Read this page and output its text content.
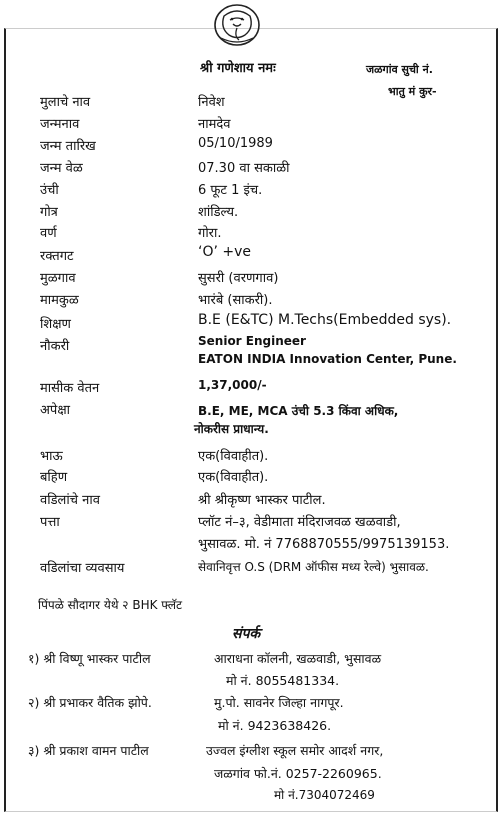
श्री गणेशाय नमः	जळगांव सुची नं.
भातु मं कुर-
मुलाचे नाव	निवेश
जन्मनाव	नामदेव
जन्म तारिख	05/10/1989
जन्म वेळ	07.30 वा सकाळी
उंची	6 फूट 1 इंच.
गोत्र	शांडिल्य.
वर्ण	गोरा.
रक्तगट	‘O’ +ve
मुळगाव	सुसरी (वरणगाव)
मामकुळ	भारंबे (साकरी).
शिक्षण	B.E (E&TC) M.Techs(Embedded sys).
नौकरी	Senior Engineer
EATON INDIA Innovation Center, Pune.
मासीक वेतन	1,37,000/-
अपेक्षा	B.E, ME, MCA उंची 5.3 किंवा अधिक,
नोकरीस प्राधान्य.
भाऊ	एक(विवाहीत).
बहिण	एक(विवाहीत).
वडिलांचे नाव	श्री श्रीकृष्ण भास्कर पाटील.
पत्ता	प्लॉट नं–३, वेडीमाता मंदिराजवळ खळवाडी,
भुसावळ. मो. नं 7768870555/9975139153.
वडिलांचा व्यवसाय	सेवानिवृत्त O.S (DRM ऑफीस मध्य रेल्वे) भुसावळ.
पिंपळे सौदागर येथे २ BHK फ्लॅट
संपर्क
१) श्री विष्णू भास्कर पाटील	आराधना कॉलनी, खळवाडी, भुसावळ
मो नं. 8055481334.
२) श्री प्रभाकर वैतिक झोपे.	मु.पो. सावनेर जिल्हा नागपूर.
मो नं. 9423638426.
३) श्री प्रकाश वामन पाटील	उज्वल इंग्लीश स्कूल समोर आदर्श नगर,
जळगांव फो.नं. 0257-2260965.
मो नं.7304072469
